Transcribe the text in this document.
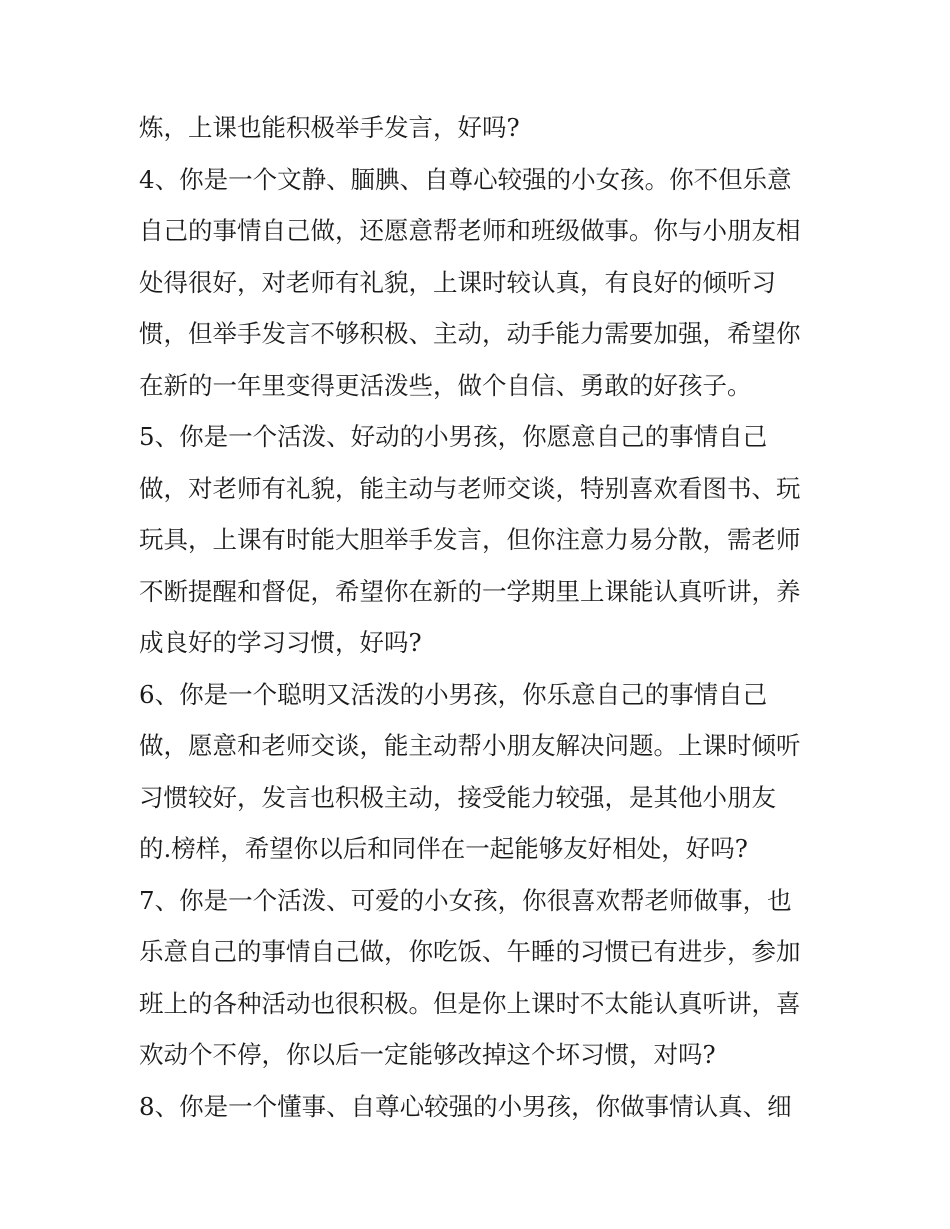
炼，上课也能积极举手发言，好吗?
4、你是一个文静、腼腆、自尊心较强的小女孩。你不但乐意
自己的事情自己做，还愿意帮老师和班级做事。你与小朋友相
处得很好，对老师有礼貌，上课时较认真，有良好的倾听习
惯，但举手发言不够积极、主动，动手能力需要加强，希望你
在新的一年里变得更活泼些，做个自信、勇敢的好孩子。
5、你是一个活泼、好动的小男孩，你愿意自己的事情自己
做，对老师有礼貌，能主动与老师交谈，特别喜欢看图书、玩
玩具，上课有时能大胆举手发言，但你注意力易分散，需老师
不断提醒和督促，希望你在新的一学期里上课能认真听讲，养
成良好的学习习惯，好吗?
6、你是一个聪明又活泼的小男孩，你乐意自己的事情自己
做，愿意和老师交谈，能主动帮小朋友解决问题。上课时倾听
习惯较好，发言也积极主动，接受能力较强，是其他小朋友
的.榜样，希望你以后和同伴在一起能够友好相处，好吗?
7、你是一个活泼、可爱的小女孩，你很喜欢帮老师做事，也
乐意自己的事情自己做，你吃饭、午睡的习惯已有进步，参加
班上的各种活动也很积极。但是你上课时不太能认真听讲，喜
欢动个不停，你以后一定能够改掉这个坏习惯，对吗?
8、你是一个懂事、自尊心较强的小男孩，你做事情认真、细
